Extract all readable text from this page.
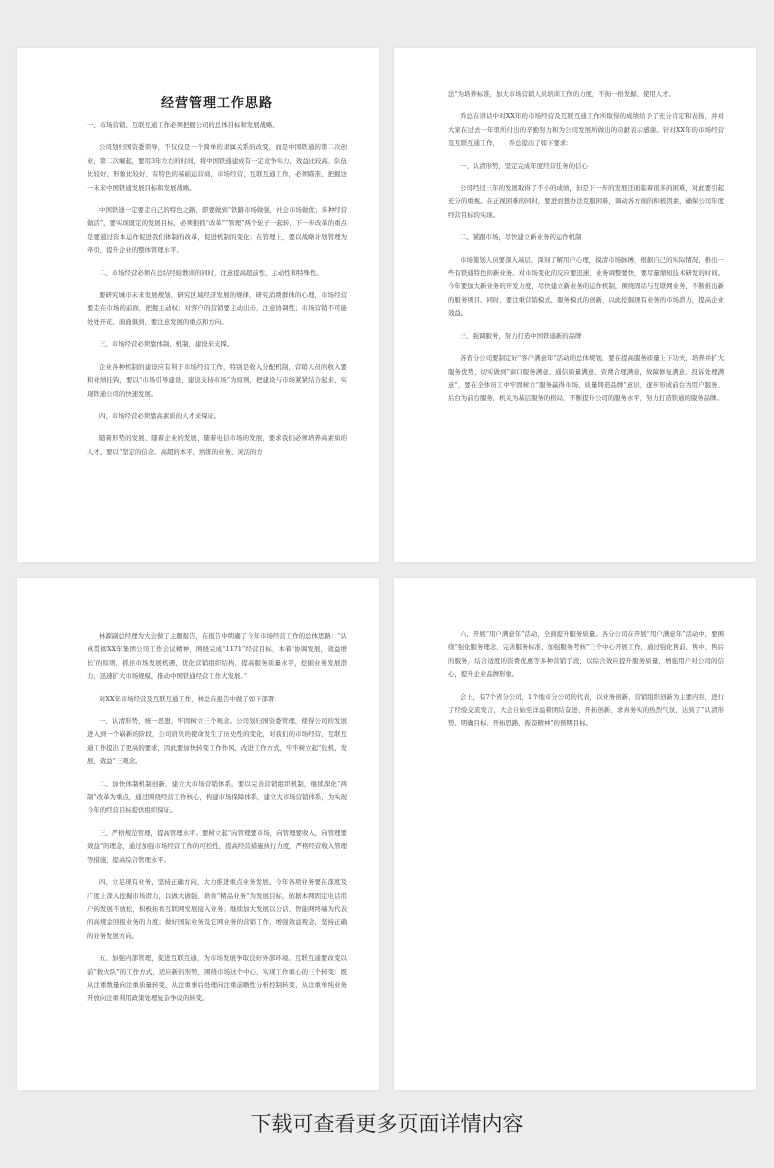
经营管理工作思路

一、市场营销、互联互通工作必须把握公司的总体目标和发展战略。

公司划归国资委领导，不仅仅是一个简单的隶属关系的改变，而是中国铁通的第二次创业，第二次崛起，要用3年左右的时间，将中国铁通建成有一定竞争实力、效益比较高、队伍比较好、形象比较好、有特色的基础运营商，市场经营、互联互通工作，必须瞄准、把握这一未来中国铁通发展目标和发展战略。

中国铁通一定要走自己的特色之路，即要做到“铁路市场做强，社会市场做优；多种经营做活”，要实现既定的发展目标，必须狠抓“改革”“管理”两个轮子一起转，下一步改革的重点是要通过资本运作促进我们体制的改革，促进机制的变化；在管理上，要以战略计划管理为牵引，提升企业的整体管理水平。

二、市场经营必须在总结经验教训的同时，注意提高超前性、主动性和特殊性。

要研究城市未来发展规划，研究区域经济发展的规律，研究消费群体的心理，市场经营要走在市场的前面，把握主动权；对客户的营销要主动出击，注意协调性；市场营销不可能处处开花、面面俱到，要注意发展的重点和方向。

三、市场经营必须靠体制、机制、建设来支撑。

企业各种机制的建设应有利于市场经营工作，特别是收入分配机制，营销人员的收入要和业绩挂钩，要以“市场引导建设，建设支持市场”为原则，把建设与市场紧紧结合起来，实现铁通公司的快速发展。

四、市场经营必须靠高素质的人才来保证。

随着形势的发展、随着企业的发展、随着电信市场的发展，要求我们必须培养高素质的人才。要以“坚定的信念、高超的本平、熟练的业务、灵活的方

法”为培养标准，加大市场营销人员培训工作的力度，不拘一格发掘、使用人才。

乔总在讲话中对XX年的市场经营及互联互通工作所取得的成绩给予了充分肯定和表扬，并对大家在过去一年里所付出的辛勤努力和为公司发展所做出的贡献表示感谢。针对XX年的市场经营及互联互通工作，　　乔总提出了如下要求：

一、认清形势，坚定完成年度经营任务的信心

公司经过三年的发展取得了不小的成绩，但是下一步的发展还面临着很多的困难，对此要引起充分的重视。在正视困难的同时，要进而想办法克服困难，调动各方面的积极因素，确保公司年度经营目标的实现。

二、紧跟市场，尽快建立新业务的运作机制

市场策划人员要深入基层，深刻了解用户心理，摸清市场脉搏，根据自己的实际情况，推出一些有铁通特色的新业务。对市场变化的反应要迅速，业务调整要快，要尽量缩短技术研发的时间。今年要加大新业务的开发力度，尽快建立新业务的运作机制，围绕固话与互联网业务，不断推出新的服务项目。同时，要注重营销模式，服务模式的创新，以此挖掘现有业务的市场潜力，提高企业效益。

三、强调服务，努力打造中国铁通新的品牌

各省分公司要制定好“客户满意年”活动的总体规划，要在提高服务质量上下功夫，培养并扩大服务优势，切实做到“窗口服务满意、通信质量满意、资费合理满意，故障修复满意、投诉处理满意”，要在全体员工中牢固树立“服务赢得市场、质量铸造品牌”意识，逐步形成前台为用户服务、后台为前台服务，机关为基层服务的格局，不断提升公司的服务水平，努力打造铁通的服务品牌。

林源副总经理为大会做了主题报告，在报告中明确了今年市场经营工作的总体思路：“认真贯彻XX年集团公司工作会议精神，围绕完成“1171”经营目标，本着‘协调发展，效益增长’的原则，抓住市场发展机遇，优化营销组织结构，提高服务质量水平，挖掘业务发展潜力，迅速扩大市场规模，推动中国铁通经营工作大发展。”

对XX年市场经营及互联互通工作，林总在报告中做了如下部署：

一、认清形势，统一思想，牢固树立三个观念。公司划归国资委管理，使得公司的发展进入到一个崭新的阶段，公司肩负的使命发生了历史性的变化，对我们的市场经营、互联互通工作提出了更高的要求，因此要加快转变工作作风，改进工作方式，牢牢树立起“危机、发展、效益”三观念。

二、加快体制机制创新，建立大市场营销体系。要以完善营销组织机制，继续深化“两制”改革为重点，通过围绕经营工作核心，构建市场保障体系，建立大市场营销体系，为实现今年的经营目标提供组织保证。

三、严格规范管理，提高管理水平。要树立起“向管理要市场，向管理要收入，向管理要效益”的理念，通过加强市场经营工作的可控性，提高经营措施执行力度，严格经营收入管理等措施，提高综合管理水平。

四、立足现有业务，坚持正确方向，大力推进重点业务发展。今年各项业务要在深度及广度上深入挖掘市场潜力，以做大做强、培育“精品业务”为发展目标，依据本网固定电话用户的发展不放松，积极拓育互联网发展接入业务；继续加大发展以公话、智能网终端为代表的高规金回报业务的力度；做好国际业务及它网业务的营销工作，增强效益观念，坚持正确的业务发展方向。

五、加强内部管理，促进互联互通，为市场发展争取良好外部环境。互联互通要改变以前“救火队”的工作方式，适应新的形势，围绕市场这个中心，实现工作重心的三个转变：既从注重数量向注重质量转变、从注重事后处理向注重前瞻性分析控制转变、从注重单纯业务开放向注重利用政策处理复杂争议的转变。

六、开展“用户满意年”活动，全面提升服务质量。各分公司在开展“用户满意年”活动中，要围绕“强化服务理念、完善服务标准、加强服务考核”三个中心开展工作，通过强化售前、售中、售后的服务，结合适度的资费优惠等多种营销手段，以综合效应提升服务质量，增强用户对公司的信心，提升企业品牌形象。

会上，有7个省分公司，1个地市分公司的代表，以业务创新、营销组织创新为主要内容，进行了经验交流发言，大会自始至洋溢着团结奋进、开拓创新、求真务实的热烈气氛，达到了“认清形势、明确目标、开拓思路、振奋精神”的预期目标。

下载可查看更多页面详情内容
